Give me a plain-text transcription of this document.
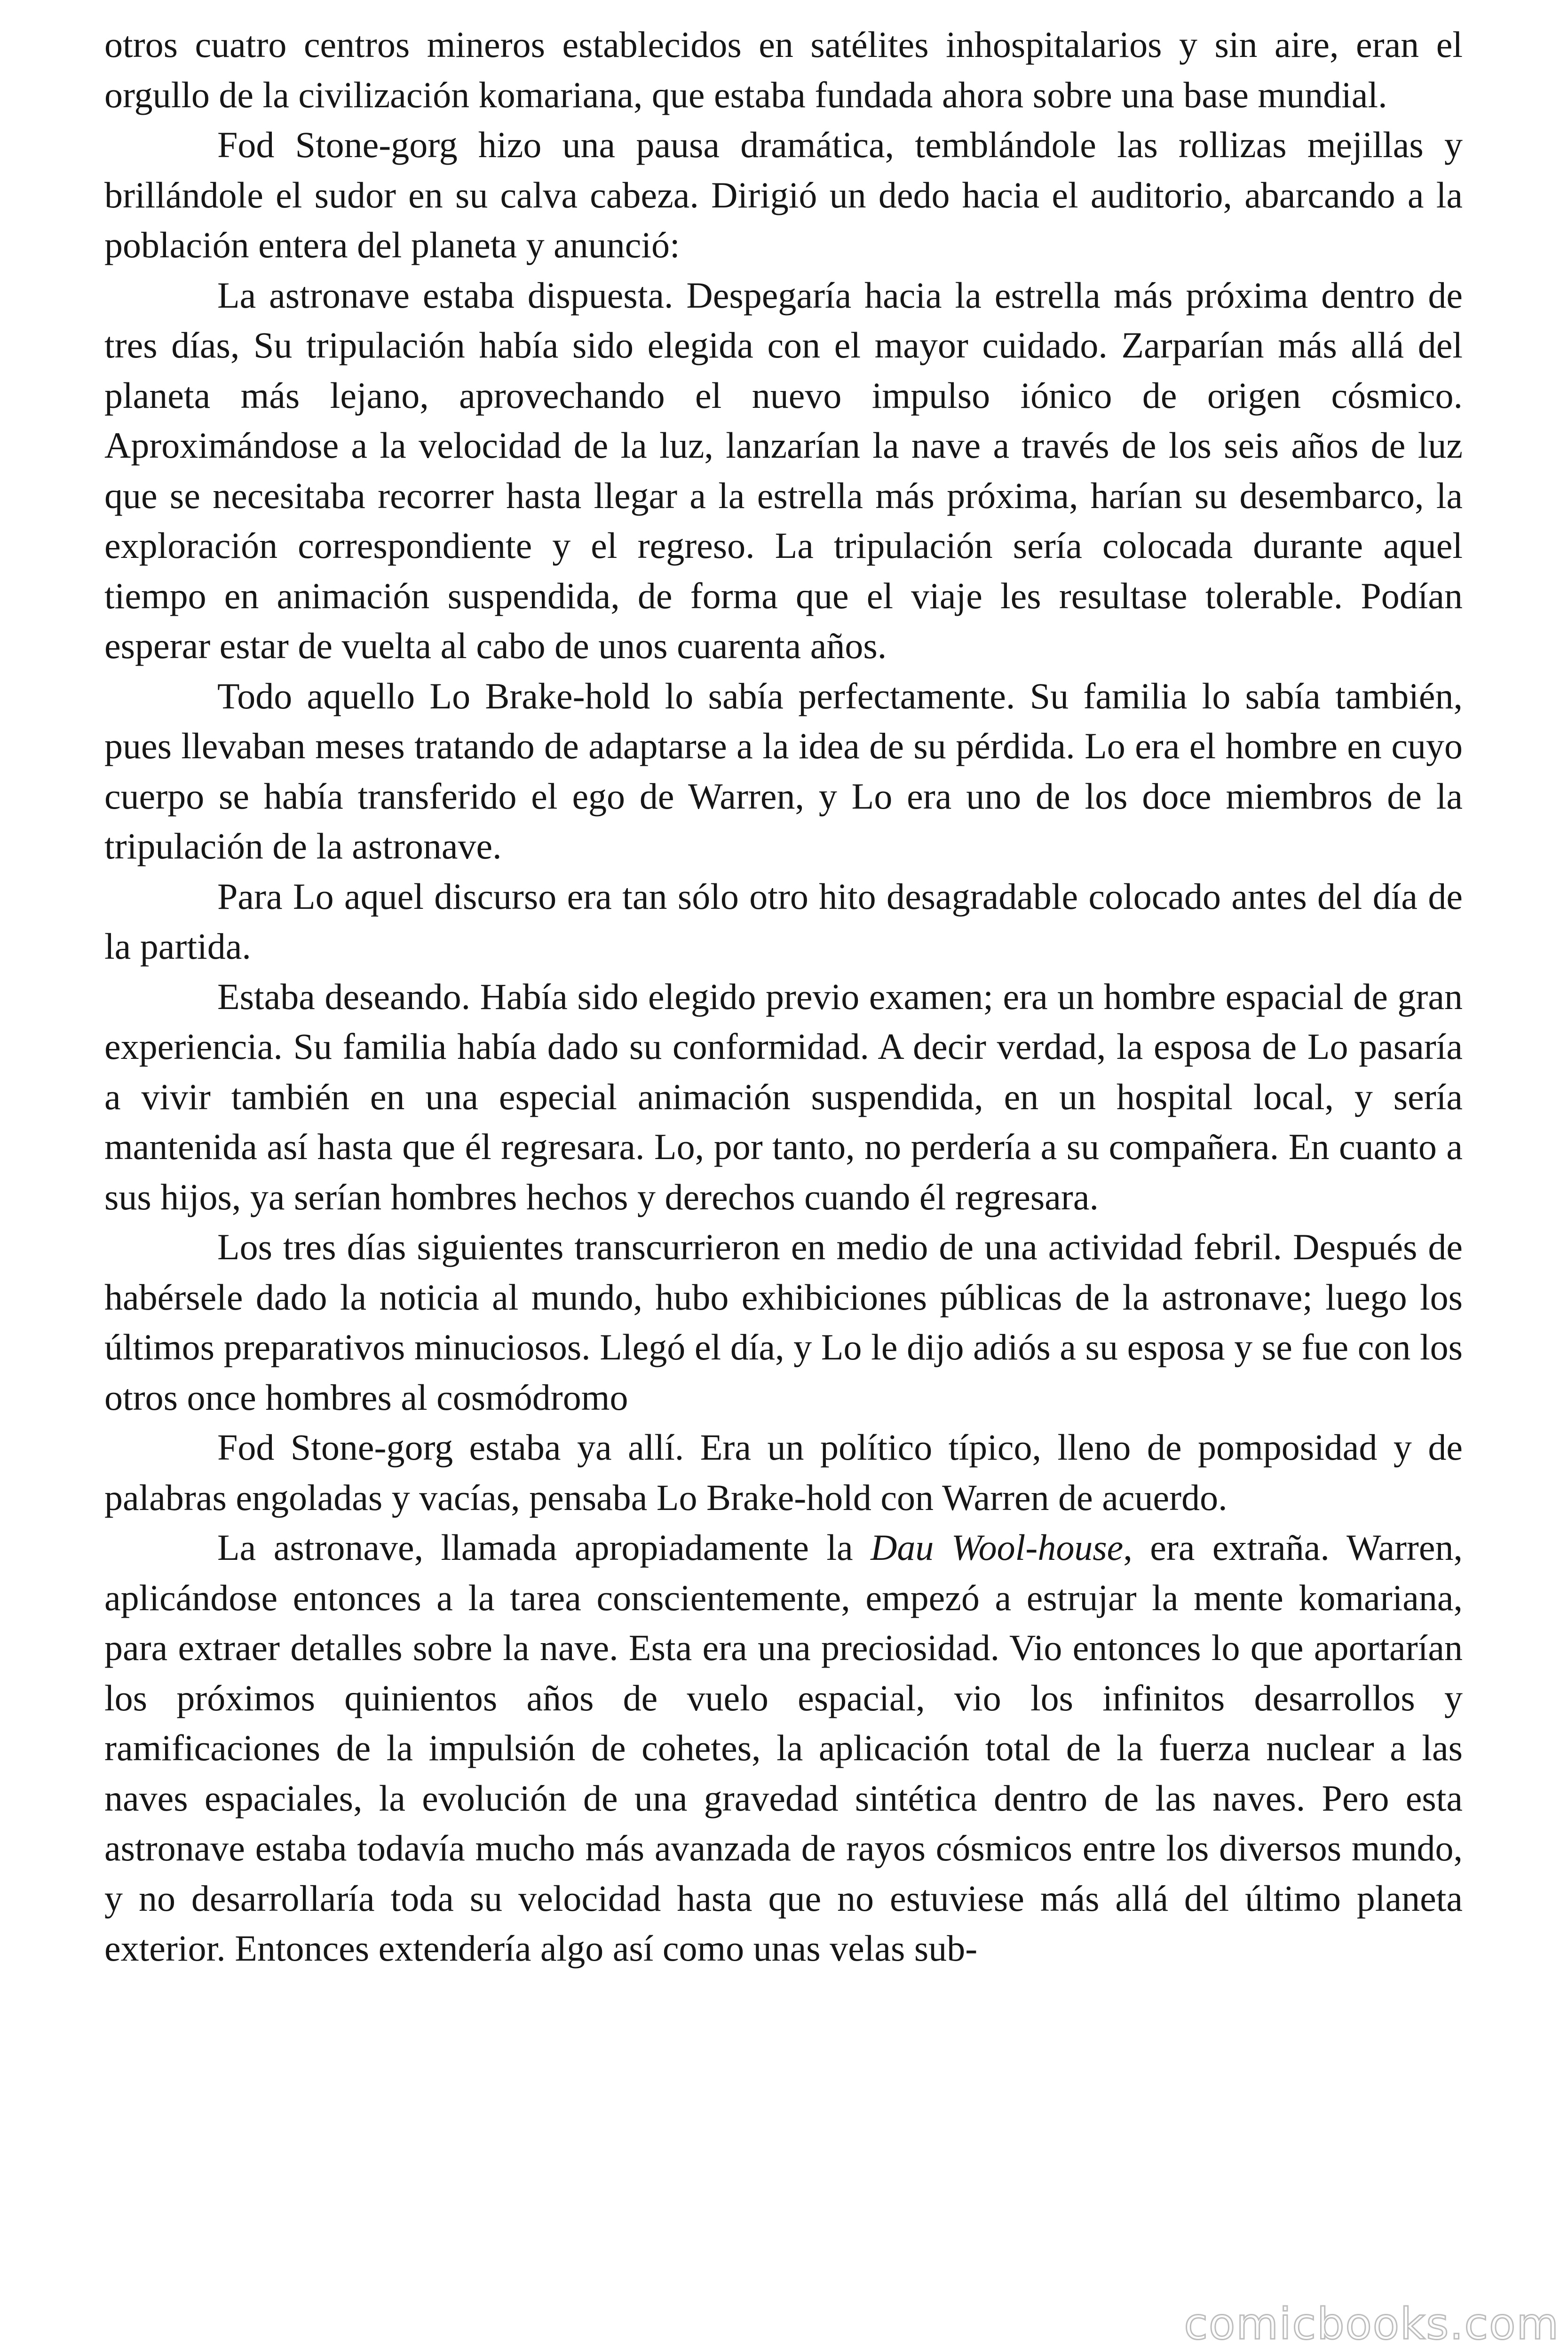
otros cuatro centros mineros establecidos en satélites inhospitalarios y sin aire, eran el orgullo de la civilización komariana, que estaba fundada ahora sobre una base mundial.

Fod Stone-gorg hizo una pausa dramática, temblándole las rollizas mejillas y brillándole el sudor en su calva cabeza. Dirigió un dedo hacia el auditorio, abarcando a la población entera del planeta y anunció:

La astronave estaba dispuesta. Despegaría hacia la estrella más próxima dentro de tres días, Su tripulación había sido elegida con el mayor cuidado. Zarparían más allá del planeta más lejano, aprovechando el nuevo impulso iónico de origen cósmico. Aproximándose a la velocidad de la luz, lanzarían la nave a través de los seis años de luz que se necesitaba recorrer hasta llegar a la estrella más próxima, harían su desembarco, la exploración correspondiente y el regreso. La tripulación sería colocada durante aquel tiempo en animación suspendida, de forma que el viaje les resultase tolerable. Podían esperar estar de vuelta al cabo de unos cuarenta años.

Todo aquello Lo Brake-hold lo sabía perfectamente. Su familia lo sabía también, pues llevaban meses tratando de adaptarse a la idea de su pérdida. Lo era el hombre en cuyo cuerpo se había transferido el ego de Warren, y Lo era uno de los doce miembros de la tripulación de la astronave.

Para Lo aquel discurso era tan sólo otro hito desagradable colocado antes del día de la partida.

Estaba deseando. Había sido elegido previo examen; era un hombre espacial de gran experiencia. Su familia había dado su conformidad. A decir verdad, la esposa de Lo pasaría a vivir también en una especial animación suspendida, en un hospital local, y sería mantenida así hasta que él regresara. Lo, por tanto, no perdería a su compañera. En cuanto a sus hijos, ya serían hombres hechos y derechos cuando él regresara.

Los tres días siguientes transcurrieron en medio de una actividad febril. Después de habérsele dado la noticia al mundo, hubo exhibiciones públicas de la astronave; luego los últimos preparativos minuciosos. Llegó el día, y Lo le dijo adiós a su esposa y se fue con los otros once hombres al cosmódromo

Fod Stone-gorg estaba ya allí. Era un político típico, lleno de pomposidad y de palabras engoladas y vacías, pensaba Lo Brake-hold con Warren de acuerdo.

La astronave, llamada apropiadamente la Dau Wool-house, era extraña. Warren, aplicándose entonces a la tarea conscientemente, empezó a estrujar la mente komariana, para extraer detalles sobre la nave. Esta era una preciosidad. Vio entonces lo que aportarían los próximos quinientos años de vuelo espacial, vio los infinitos desarrollos y ramificaciones de la impulsión de cohetes, la aplicación total de la fuerza nuclear a las naves espaciales, la evolución de una gravedad sintética dentro de las naves. Pero esta astronave estaba todavía mucho más avanzada de rayos cósmicos entre los diversos mundo, y no desarrollaría toda su velocidad hasta que no estuviese más allá del último planeta exterior. Entonces extendería algo así como unas velas sub-

comicbooks.com
